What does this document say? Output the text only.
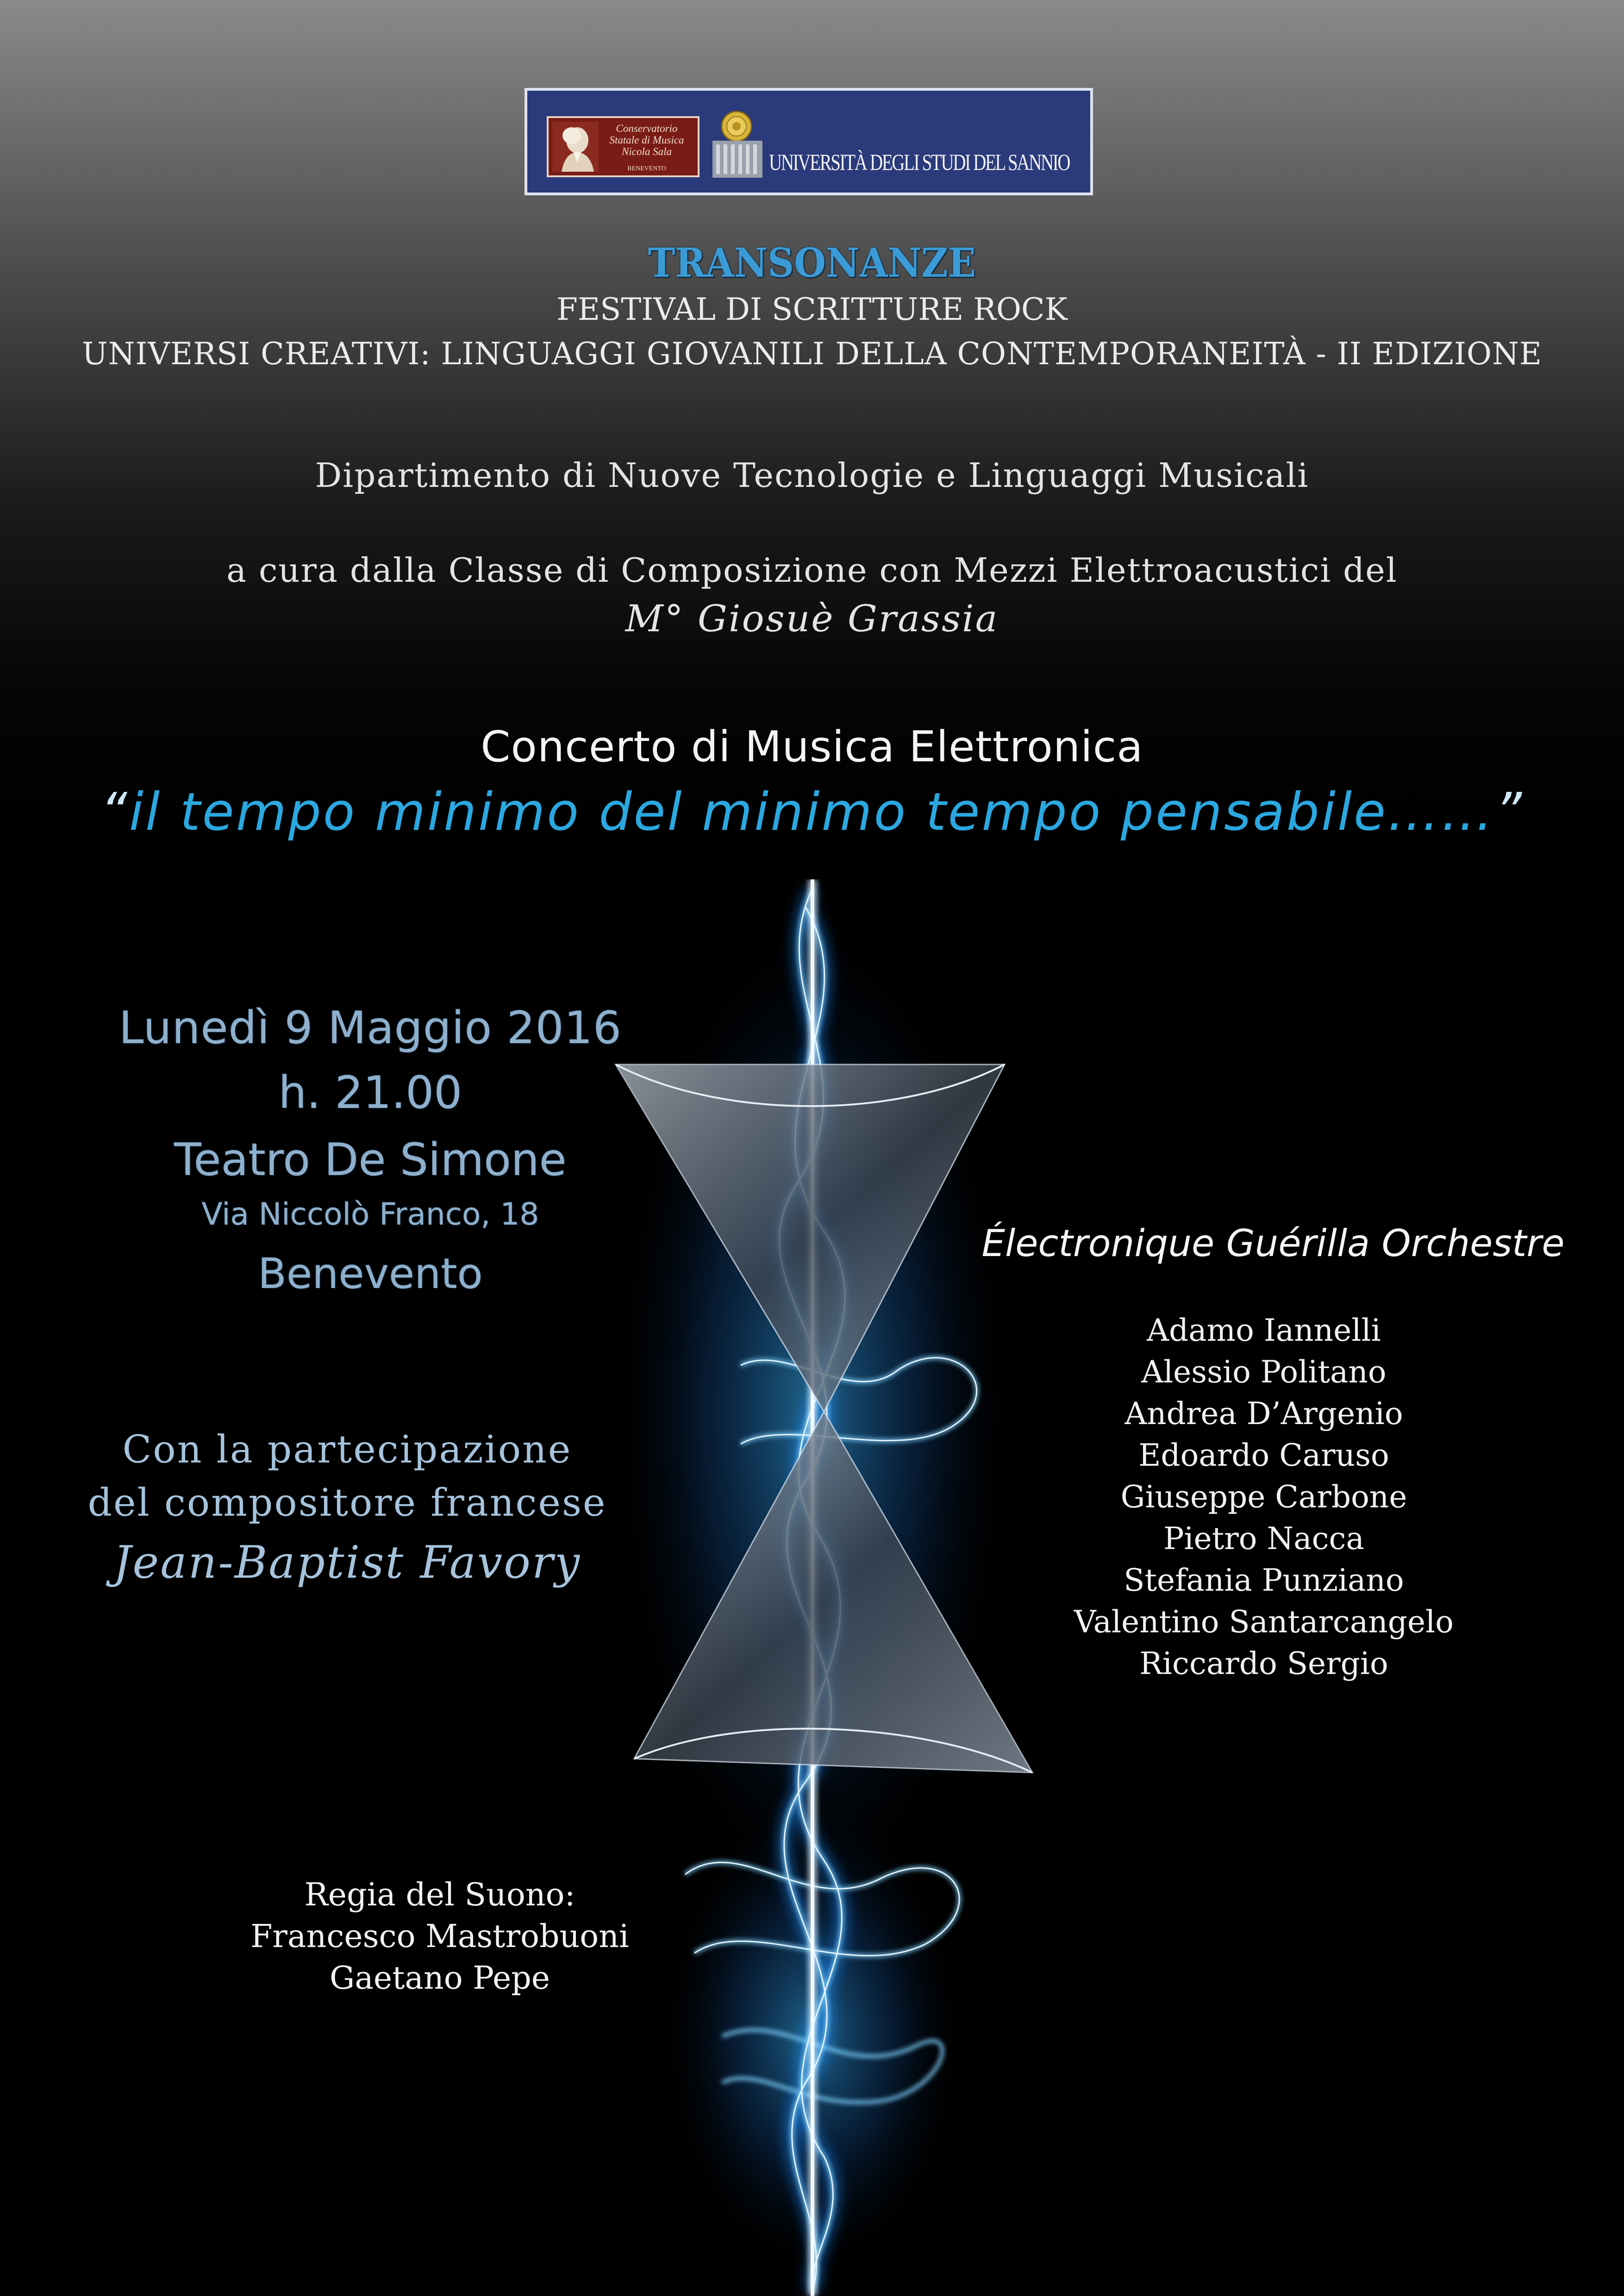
Conservatorio
Statale di Musica
Nicola Sala
BENEVENTO	UNIVERSITÀ DEGLI STUDI DEL SANNIO
TRANSONANZE
FESTIVAL DI SCRITTURE ROCK
UNIVERSI CREATIVI: LINGUAGGI GIOVANILI DELLA CONTEMPORANEITÀ - II EDIZIONE
Dipartimento di Nuove Tecnologie e Linguaggi Musicali
a cura dalla Classe di Composizione con Mezzi Elettroacustici del
M° Giosuè Grassia
Concerto di Musica Elettronica
“il tempo minimo del minimo tempo pensabile……”
Lunedì 9 Maggio 2016
h. 21.00
Teatro De Simone
Via Niccolò Franco, 18
Benevento
Con la partecipazione
del compositore francese
Jean-Baptist Favory
Regia del Suono:
Francesco Mastrobuoni
Gaetano Pepe
Électronique Guérilla Orchestre
Adamo Iannelli
Alessio Politano
Andrea D’Argenio
Edoardo Caruso
Giuseppe Carbone
Pietro Nacca
Stefania Punziano
Valentino Santarcangelo
Riccardo Sergio
